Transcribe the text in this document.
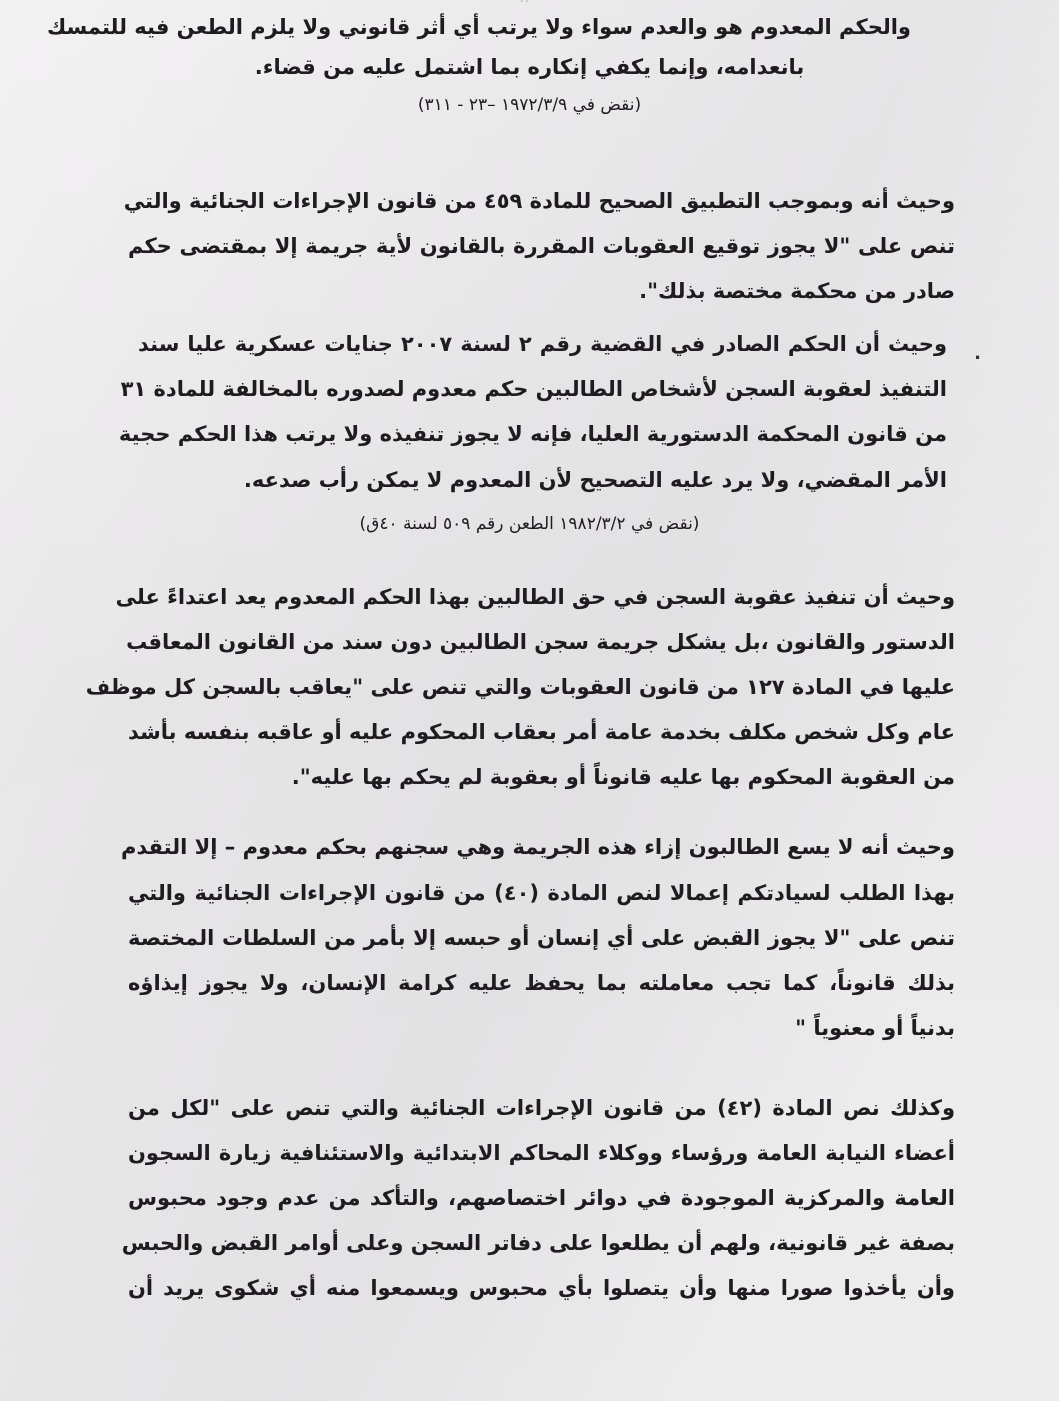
``
والحكم المعدوم هو والعدم سواء ولا يرتب أي أثر قانوني ولا يلزم الطعن فيه للتمسك
بانعدامه، وإنما يكفي إنكاره بما اشتمل عليه من قضاء.
(نقض في ١٩٧٢/٣/٩ –٢٣ - ٣١١)
وحيث أنه وبموجب التطبيق الصحيح للمادة ٤٥٩ من قانون الإجراءات الجنائية والتي
تنص على "لا يجوز توقيع العقوبات المقررة بالقانون لأية جريمة إلا بمقتضى حكم
صادر من محكمة مختصة بذلك".
.
وحيث أن الحكم الصادر في القضية رقم ٢ لسنة ٢٠٠٧ جنايات عسكرية عليا سند
التنفيذ لعقوبة السجن لأشخاص الطالبين حكم معدوم لصدوره بالمخالفة للمادة ٣١
من قانون المحكمة الدستورية العليا، فإنه لا يجوز تنفيذه ولا يرتب هذا الحكم حجية
الأمر المقضي، ولا يرد عليه التصحيح لأن المعدوم لا يمكن رأب صدعه.
(نقض في ١٩٨٢/٣/٢ الطعن رقم ٥٠٩ لسنة ٤٠ق)
وحيث أن تنفيذ عقوبة السجن في حق الطالبين بهذا الحكم المعدوم يعد اعتداءً على
الدستور والقانون ،بل يشكل جريمة سجن الطالبين دون سند من القانون المعاقب
عليها في المادة ١٢٧ من قانون العقوبات والتي تنص على "يعاقب بالسجن كل موظف
عام وكل شخص مكلف بخدمة عامة أمر بعقاب المحكوم عليه أو عاقبه بنفسه بأشد
من العقوبة المحكوم بها عليه قانوناً أو بعقوبة لم يحكم بها عليه".
وحيث أنه لا يسع الطالبون إزاء هذه الجريمة وهي سجنهم بحكم معدوم – إلا التقدم
بهذا الطلب لسيادتكم إعمالا لنص المادة (٤٠) من قانون الإجراءات الجنائية والتي
تنص على "لا يجوز القبض على أي إنسان أو حبسه إلا بأمر من السلطات المختصة
بذلك قانوناً، كما تجب معاملته بما يحفظ عليه كرامة الإنسان، ولا يجوز إيذاؤه
بدنياً أو معنوياً "
وكذلك نص المادة (٤٢) من قانون الإجراءات الجنائية والتي تنص على "لكل من
أعضاء النيابة العامة ورؤساء ووكلاء المحاكم الابتدائية والاستئنافية زيارة السجون
العامة والمركزية الموجودة في دوائر اختصاصهم، والتأكد من عدم وجود محبوس
بصفة غير قانونية، ولهم أن يطلعوا على دفاتر السجن وعلى أوامر القبض والحبس
وأن يأخذوا صورا منها وأن يتصلوا بأي محبوس ويسمعوا منه أي شكوى يريد أن
